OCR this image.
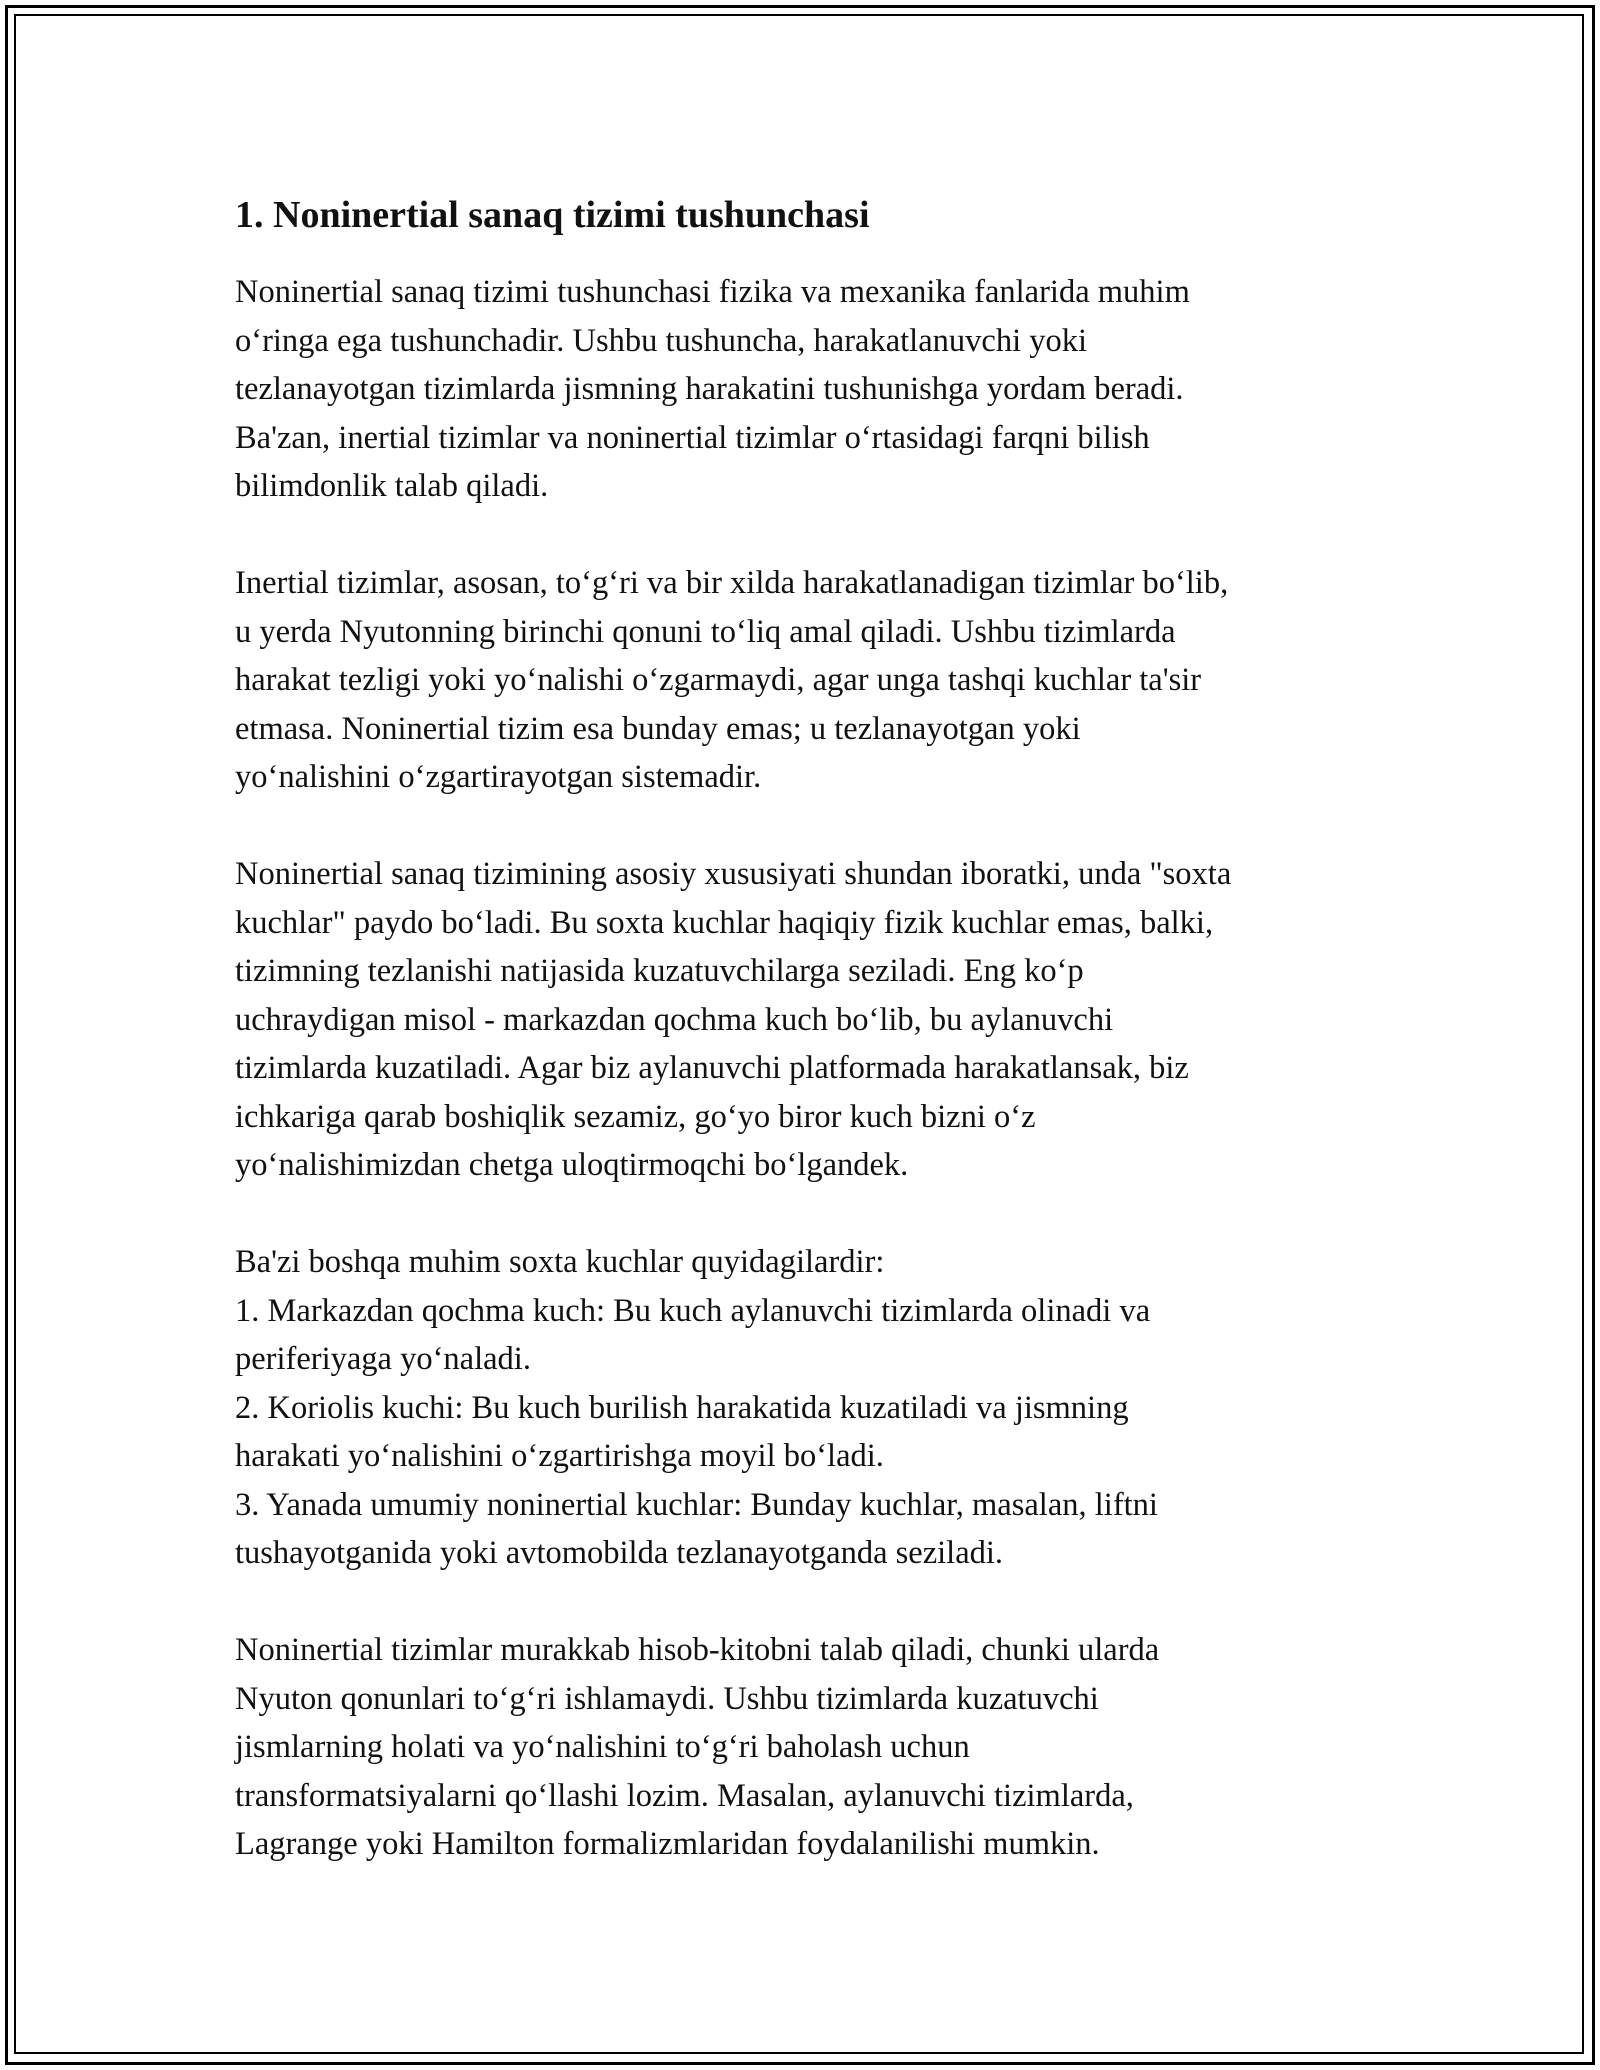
1. Noninertial sanaq tizimi tushunchasi

Noninertial sanaq tizimi tushunchasi fizika va mexanika fanlarida muhim
o‘ringa ega tushunchadir. Ushbu tushuncha, harakatlanuvchi yoki
tezlanayotgan tizimlarda jismning harakatini tushunishga yordam beradi.
Ba'zan, inertial tizimlar va noninertial tizimlar o‘rtasidagi farqni bilish
bilimdonlik talab qiladi.

Inertial tizimlar, asosan, to‘g‘ri va bir xilda harakatlanadigan tizimlar bo‘lib,
u yerda Nyutonning birinchi qonuni to‘liq amal qiladi. Ushbu tizimlarda
harakat tezligi yoki yo‘nalishi o‘zgarmaydi, agar unga tashqi kuchlar ta'sir
etmasa. Noninertial tizim esa bunday emas; u tezlanayotgan yoki
yo‘nalishini o‘zgartirayotgan sistemadir.

Noninertial sanaq tizimining asosiy xususiyati shundan iboratki, unda "soxta
kuchlar" paydo bo‘ladi. Bu soxta kuchlar haqiqiy fizik kuchlar emas, balki,
tizimning tezlanishi natijasida kuzatuvchilarga seziladi. Eng ko‘p
uchraydigan misol - markazdan qochma kuch bo‘lib, bu aylanuvchi
tizimlarda kuzatiladi. Agar biz aylanuvchi platformada harakatlansak, biz
ichkariga qarab boshiqlik sezamiz, go‘yo biror kuch bizni o‘z
yo‘nalishimizdan chetga uloqtirmoqchi bo‘lgandek.

Ba'zi boshqa muhim soxta kuchlar quyidagilardir:
1. Markazdan qochma kuch: Bu kuch aylanuvchi tizimlarda olinadi va
periferiyaga yo‘naladi.
2. Koriolis kuchi: Bu kuch burilish harakatida kuzatiladi va jismning
harakati yo‘nalishini o‘zgartirishga moyil bo‘ladi.
3. Yanada umumiy noninertial kuchlar: Bunday kuchlar, masalan, liftni
tushayotganida yoki avtomobilda tezlanayotganda seziladi.

Noninertial tizimlar murakkab hisob-kitobni talab qiladi, chunki ularda
Nyuton qonunlari to‘g‘ri ishlamaydi. Ushbu tizimlarda kuzatuvchi
jismlarning holati va yo‘nalishini to‘g‘ri baholash uchun
transformatsiyalarni qo‘llashi lozim. Masalan, aylanuvchi tizimlarda,
Lagrange yoki Hamilton formalizmlaridan foydalanilishi mumkin.
